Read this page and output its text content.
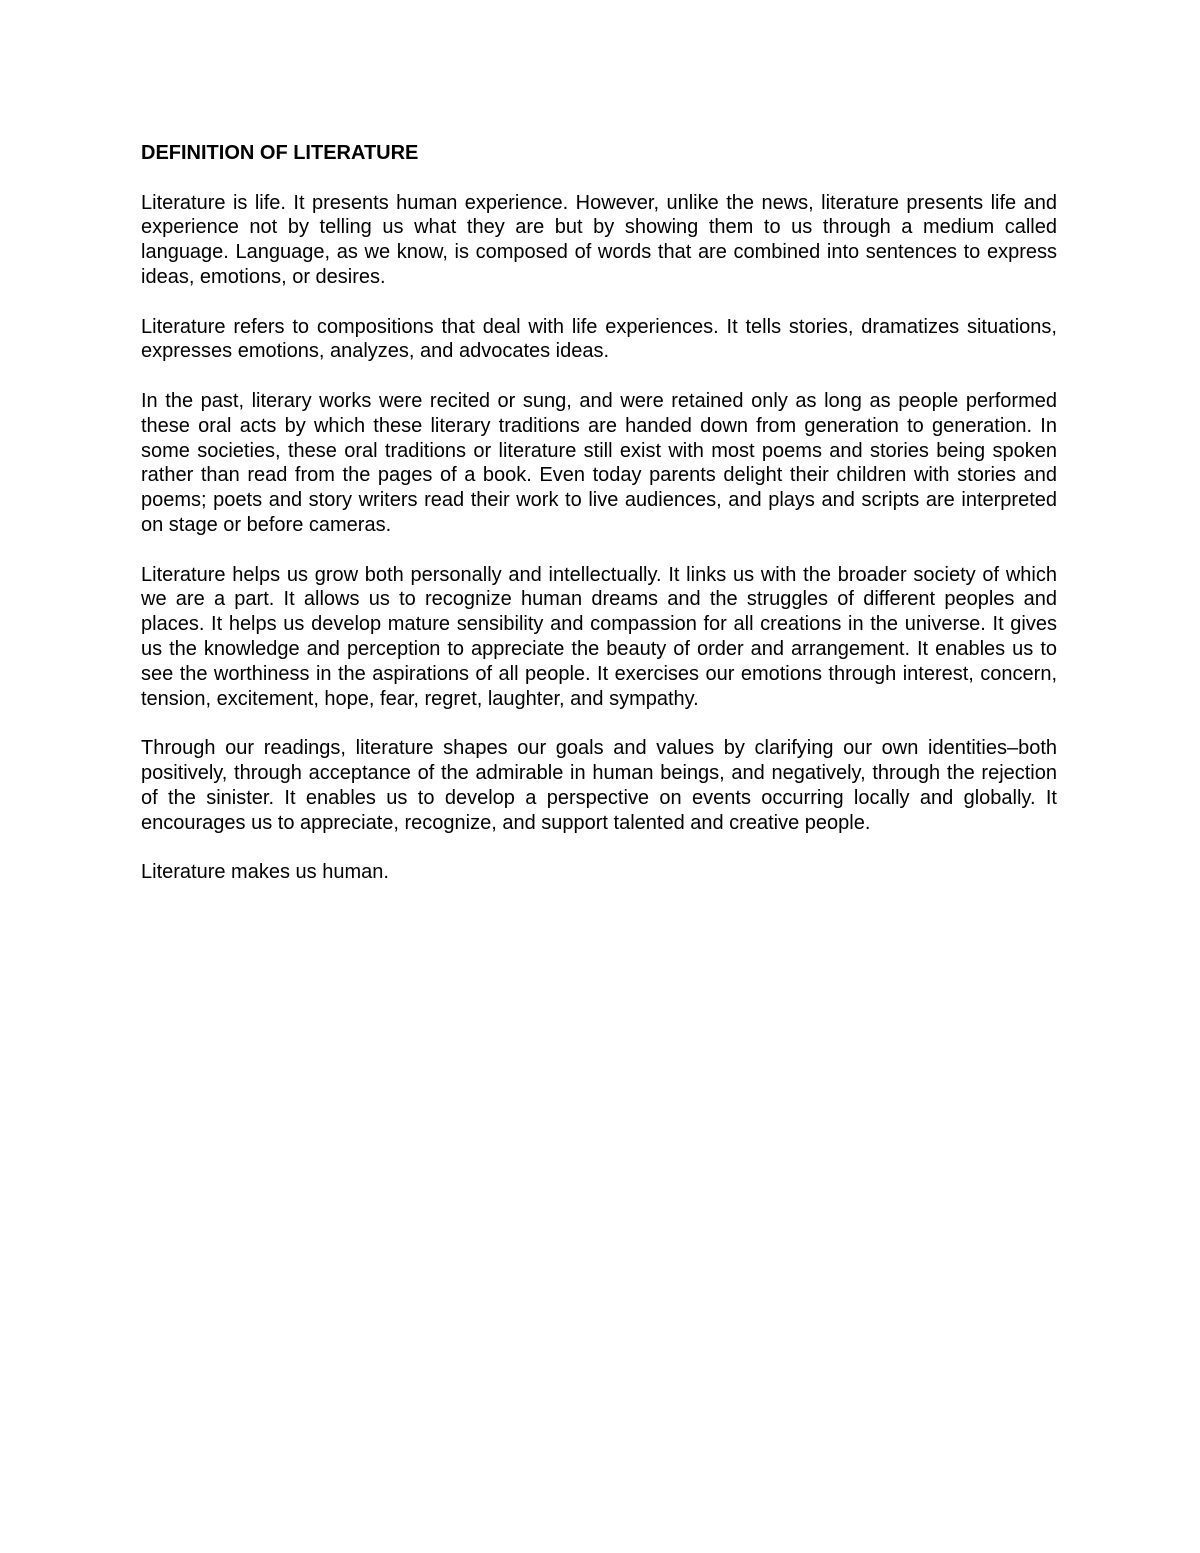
DEFINITION OF LITERATURE

Literature is life. It presents human experience. However, unlike the news, literature presents life and experience not by telling us what they are but by showing them to us through a medium called language. Language, as we know, is composed of words that are combined into sentences to express ideas, emotions, or desires.

Literature refers to compositions that deal with life experiences. It tells stories, dramatizes situations, expresses emotions, analyzes, and advocates ideas.

In the past, literary works were recited or sung, and were retained only as long as people performed these oral acts by which these literary traditions are handed down from generation to generation. In some societies, these oral traditions or literature still exist with most poems and stories being spoken rather than read from the pages of a book. Even today parents delight their children with stories and poems; poets and story writers read their work to live audiences, and plays and scripts are interpreted on stage or before cameras.

Literature helps us grow both personally and intellectually. It links us with the broader society of which we are a part. It allows us to recognize human dreams and the struggles of different peoples and places. It helps us develop mature sensibility and compassion for all creations in the universe. It gives us the knowledge and perception to appreciate the beauty of order and arrangement. It enables us to see the worthiness in the aspirations of all people. It exercises our emotions through interest, concern, tension, excitement, hope, fear, regret, laughter, and sympathy.

Through our readings, literature shapes our goals and values by clarifying our own identities–both positively, through acceptance of the admirable in human beings, and negatively, through the rejection of the sinister. It enables us to develop a perspective on events occurring locally and globally. It encourages us to appreciate, recognize, and support talented and creative people.

Literature makes us human.
